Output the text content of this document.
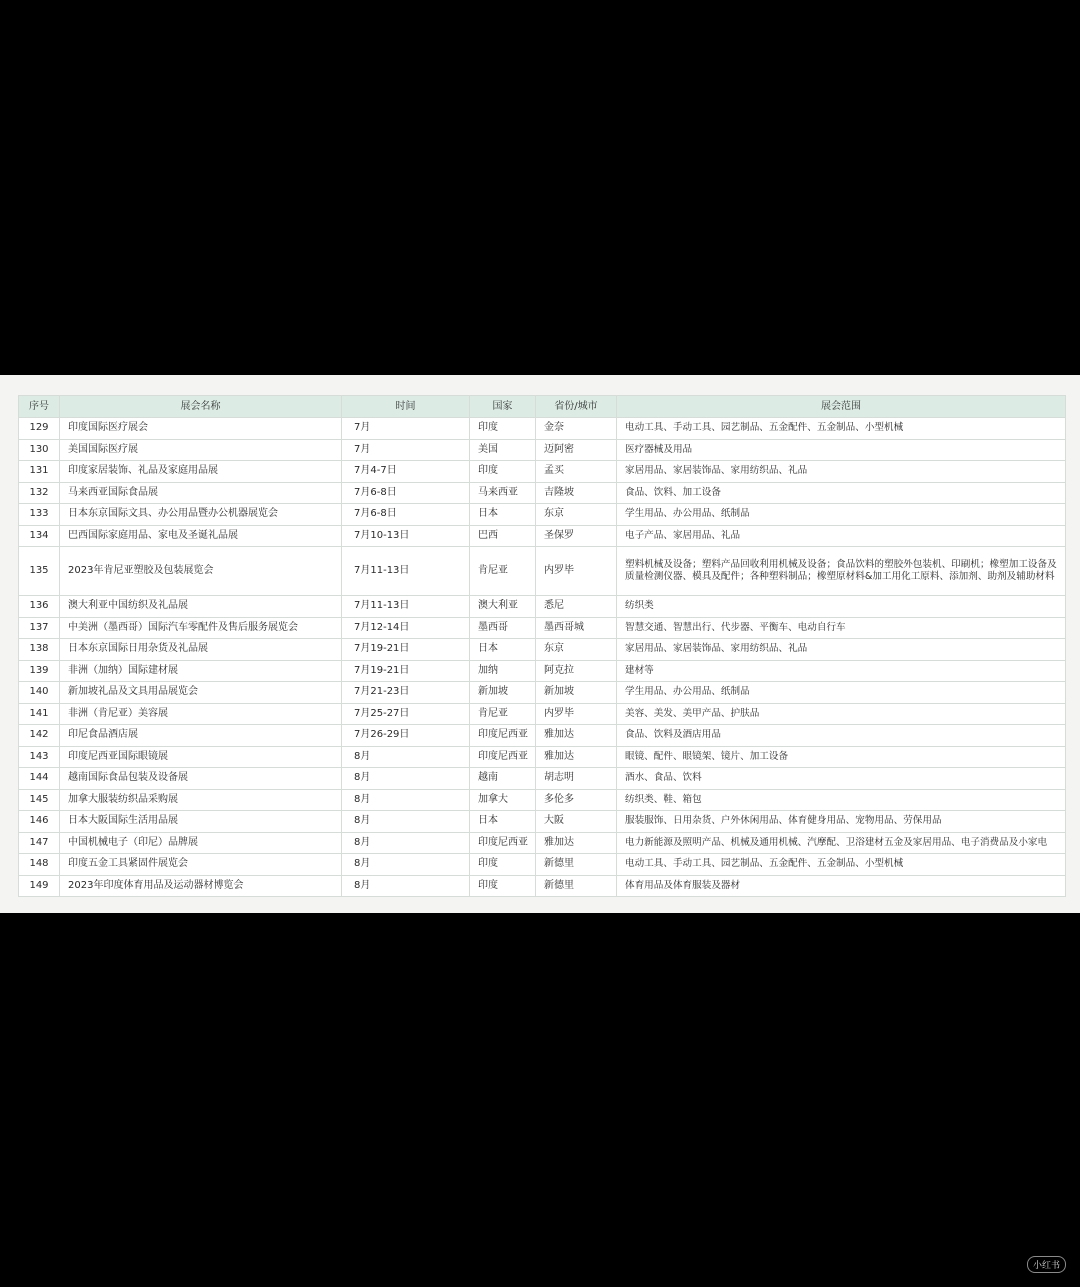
序号	展会名称	时间	国家	省份/城市	展会范围
129	印度国际医疗展会	7月	印度	金奈	电动工具、手动工具、园艺制品、五金配件、五金制品、小型机械
130	美国国际医疗展	7月	美国	迈阿密	医疗器械及用品
131	印度家居装饰、礼品及家庭用品展	7月4-7日	印度	孟买	家居用品、家居装饰品、家用纺织品、礼品
132	马来西亚国际食品展	7月6-8日	马来西亚	吉隆坡	食品、饮料、加工设备
133	日本东京国际文具、办公用品暨办公机器展览会	7月6-8日	日本	东京	学生用品、办公用品、纸制品
134	巴西国际家庭用品、家电及圣诞礼品展	7月10-13日	巴西	圣保罗	电子产品、家居用品、礼品
135	2023年肯尼亚塑胶及包装展览会	7月11-13日	肯尼亚	内罗毕	塑料机械及设备；塑料产品回收利用机械及设备；食品饮料的塑胶外包装机、印刷机；橡塑加工设备及质量检测仪器、模具及配件；各种塑料制品；橡塑原材料&加工用化工原料、添加剂、助剂及辅助材料
136	澳大利亚中国纺织及礼品展	7月11-13日	澳大利亚	悉尼	纺织类
137	中美洲（墨西哥）国际汽车零配件及售后服务展览会	7月12-14日	墨西哥	墨西哥城	智慧交通、智慧出行、代步器、平衡车、电动自行车
138	日本东京国际日用杂货及礼品展	7月19-21日	日本	东京	家居用品、家居装饰品、家用纺织品、礼品
139	非洲（加纳）国际建材展	7月19-21日	加纳	阿克拉	建材等
140	新加坡礼品及文具用品展览会	7月21-23日	新加坡	新加坡	学生用品、办公用品、纸制品
141	非洲（肯尼亚）美容展	7月25-27日	肯尼亚	内罗毕	美容、美发、美甲产品、护肤品
142	印尼食品酒店展	7月26-29日	印度尼西亚	雅加达	食品、饮料及酒店用品
143	印度尼西亚国际眼镜展	8月	印度尼西亚	雅加达	眼镜、配件、眼镜架、镜片、加工设备
144	越南国际食品包装及设备展	8月	越南	胡志明	酒水、食品、饮料
145	加拿大服装纺织品采购展	8月	加拿大	多伦多	纺织类、鞋、箱包
146	日本大阪国际生活用品展	8月	日本	大阪	服装服饰、日用杂货、户外休闲用品、体育健身用品、宠物用品、劳保用品
147	中国机械电子（印尼）品牌展	8月	印度尼西亚	雅加达	电力新能源及照明产品、机械及通用机械、汽摩配、卫浴建材五金及家居用品、电子消费品及小家电
148	印度五金工具紧固件展览会	8月	印度	新德里	电动工具、手动工具、园艺制品、五金配件、五金制品、小型机械
149	2023年印度体育用品及运动器材博览会	8月	印度	新德里	体育用品及体育服装及器材
小红书
